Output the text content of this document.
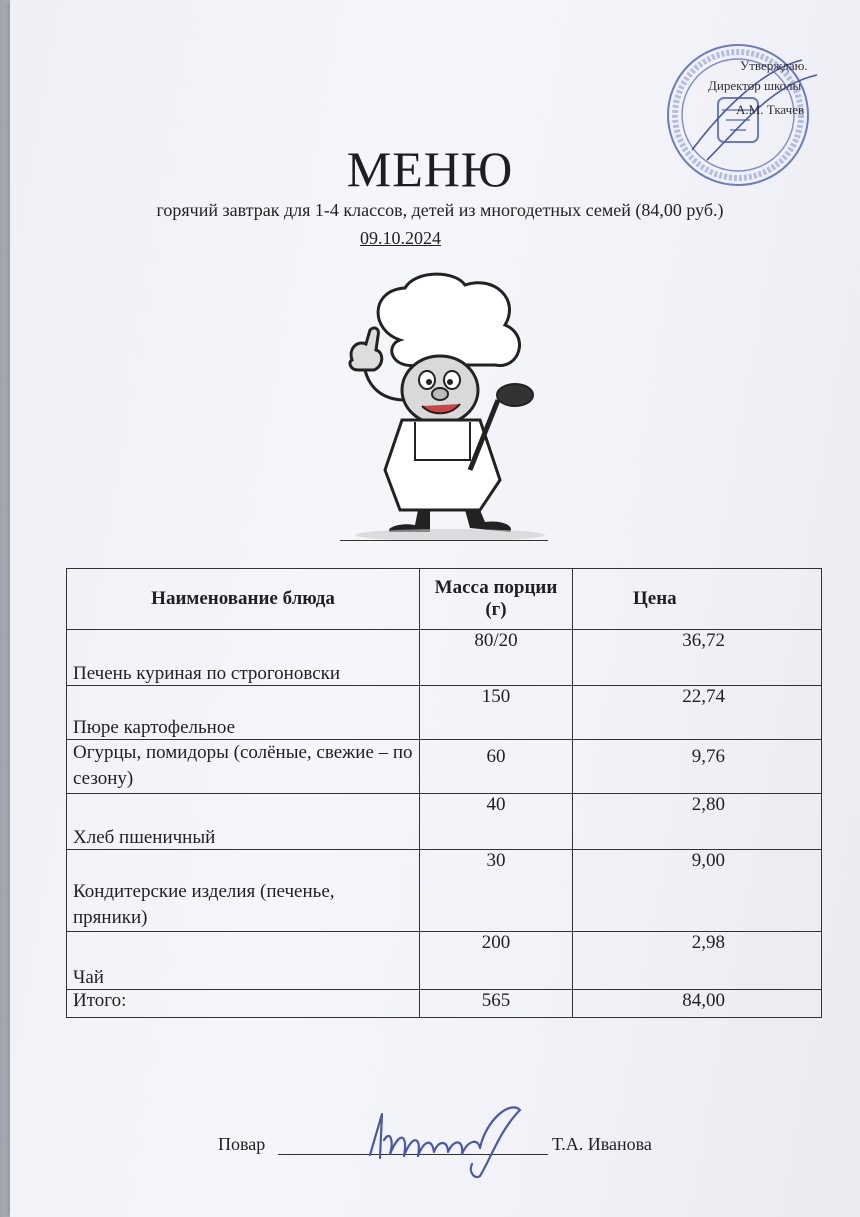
Утверждаю.
Директор школы
А.М. Ткачев
МЕНЮ
горячий завтрак для 1-4 классов, детей из многодетных семей (84,00 руб.)
09.10.2024
Наименование блюда	Масса порции (г)	Цена
Печень куриная по строгоновски	80/20	36,72
Пюре картофельное	150	22,74
Огурцы, помидоры (солёные, свежие – по сезону)	60	9,76
Хлеб пшеничный	40	2,80
Кондитерские изделия (печенье, пряники)	30	9,00
Чай	200	2,98
Итого:	565	84,00
Повар	Т.А. Иванова
